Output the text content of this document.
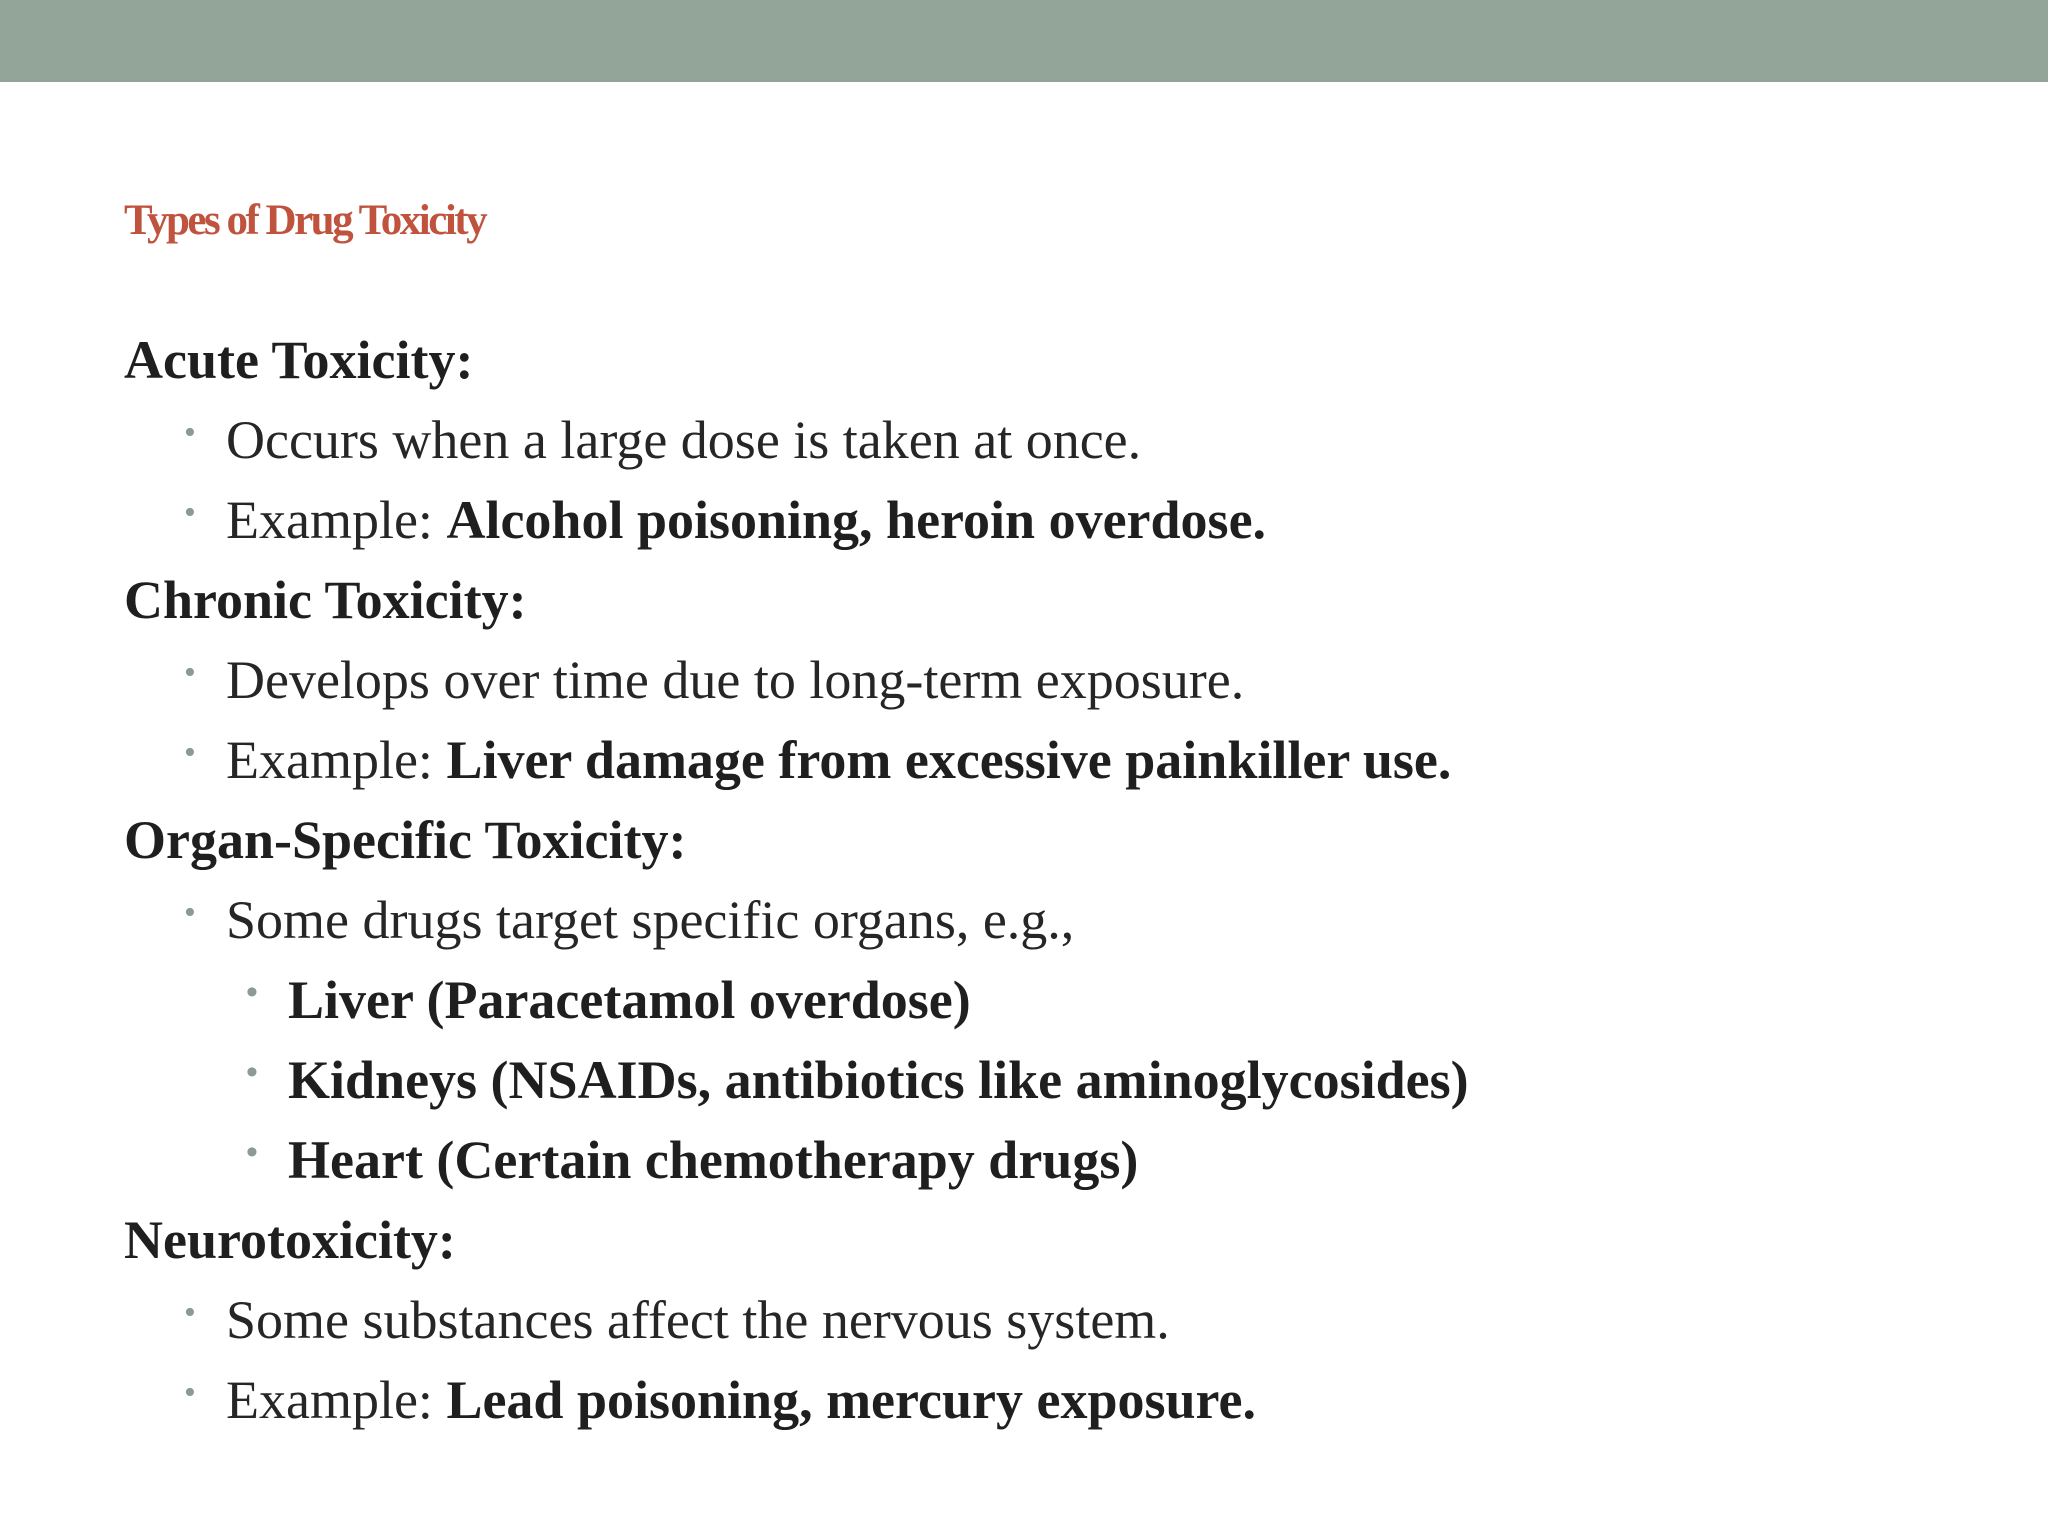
Types of Drug Toxicity
Acute Toxicity:
• Occurs when a large dose is taken at once.
• Example: Alcohol poisoning, heroin overdose.
Chronic Toxicity:
• Develops over time due to long-term exposure.
• Example: Liver damage from excessive painkiller use.
Organ-Specific Toxicity:
• Some drugs target specific organs, e.g.,
• Liver (Paracetamol overdose)
• Kidneys (NSAIDs, antibiotics like aminoglycosides)
• Heart (Certain chemotherapy drugs)
Neurotoxicity:
• Some substances affect the nervous system.
• Example: Lead poisoning, mercury exposure.
